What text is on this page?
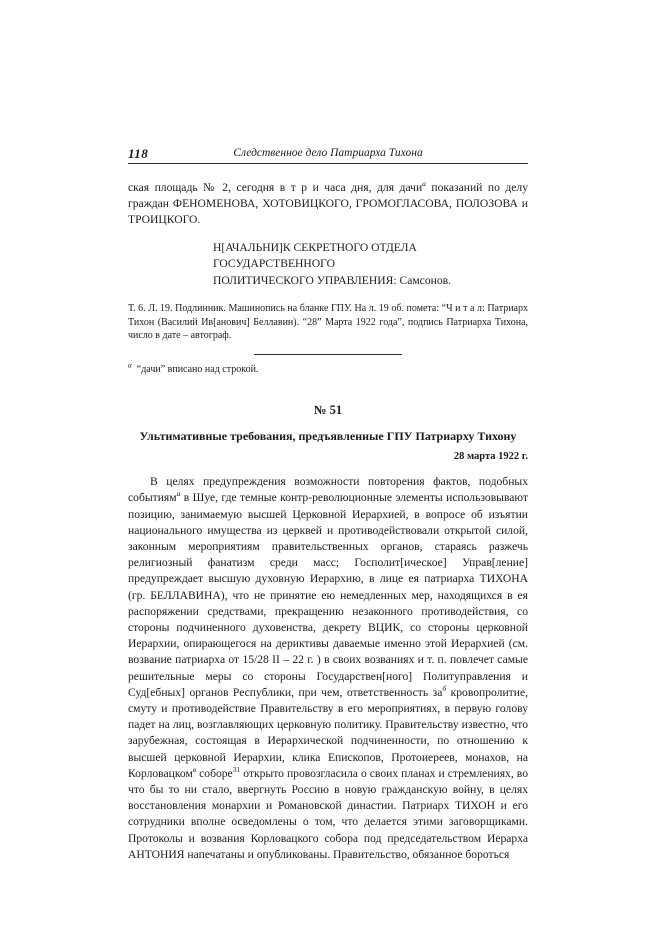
118	Следственное дело Патриарха Тихона

ская площадь № 2, сегодня в т р и часа дня, для дачи$^а$ показаний по делу граждан ФЕНОМЕНОВА, ХОТОВИЦКОГО, ГРОМОГЛАСОВА, ПОЛОЗОВА и ТРОИЦКОГО.

Н[АЧАЛЬНИ]К СЕКРЕТНОГО ОТДЕЛА ГОСУДАРСТВЕННОГО
ПОЛИТИЧЕСКОГО УПРАВЛЕНИЯ: Самсонов.

Т. 6. Л. 19. Подлинник. Машинопись на бланке ГПУ. На л. 19 об. помета: “Ч и т а л: Патриарх Тихон (Василий Ив[анович] Беллавин). “28” Марта 1922 года”, подпись Патриарха Тихона, число в дате – автограф.

$^а$ “дачи” вписано над строкой.

№ 51
Ультимативные требования, предъявленные ГПУ Патриарху Тихону
28 марта 1922 г.

В целях предупреждения возможности повторения фактов, подобных событиям$^а$ в Шуе, где темные контр-революционные элементы использовывают позицию, занимаемую высшей Церковной Иерархией, в вопросе об изъятии национального имущества из церквей и противодействовали открытой силой, законным мероприятиям правительственных органов, стараясь разжечь религиозный фанатизм среди масс; Госполит[ическое] Управ[ление] предупреждает высшую духовную Иерархию, в лице ея патриарха ТИХОНА (гр. БЕЛЛАВИНА), что не принятие ею немедленных мер, находящихся в ея распоряжении средствами, прекращению незаконного противодействия, со стороны подчиненного духовенства, декрету ВЦИК, со стороны церковной Иерархии, опирающегося на дериктивы даваемые именно этой Иерархией (см. возвание патриарха от 15/28 II – 22 г. ) в своих возваниях и т. п. повлечет самые решительные меры со стороны Государствен[ного] Политуправления и Суд[ебных] органов Республики, при чем, ответственность за$^б$ кровопролитие, смуту и противодействие Правительству в его мероприятиях, в первую голову падет на лиц, возглавляющих церковную политику. Правительству известно, что зарубежная, состоящая в Иерархической подчиненности, по отношению к высшей церковной Иерархии, клика Епископов, Протоиереев, монахов, на Корловацком$^в$ соборе$^{31}$ открыто провозгласила о своих планах и стремлениях, во что бы то ни стало, ввергнуть Россию в новую гражданскую войну, в целях восстановления монархии и Романовской династии. Патриарх ТИХОН и его сотрудники вполне осведомлены о том, что делается этими заговорщиками. Протоколы и возвания Корловацкого собора под председательством Иерарха АНТОНИЯ напечатаны и опубликованы. Правительство, обязанное бороться
